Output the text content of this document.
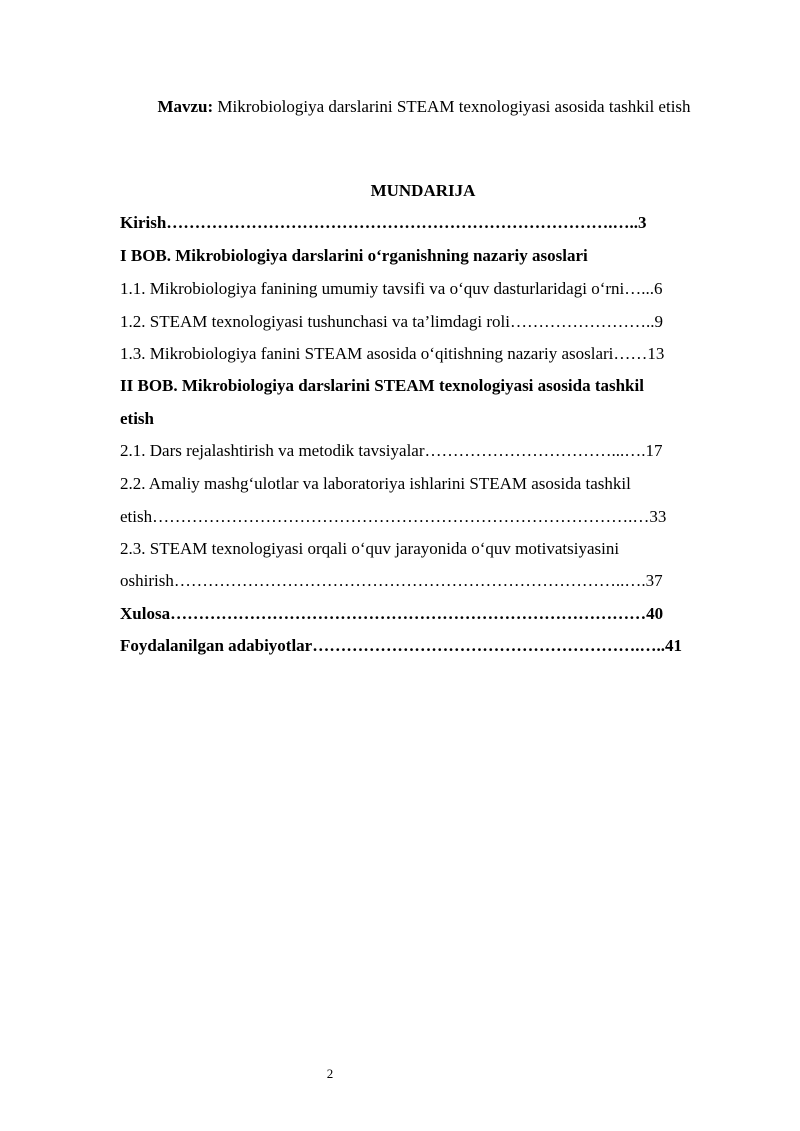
Mavzu: Mikrobiologiya darslarini STEAM texnologiyasi asosida tashkil etish
MUNDARIJA
Kirish…………………………………………………………………….…..3
I BOB. Mikrobiologiya darslarini o‘rganishning nazariy asoslari
1.1. Mikrobiologiya fanining umumiy tavsifi va o‘quv dasturlaridagi o‘rni…...6
1.2. STEAM texnologiyasi tushunchasi va ta’limdagi roli……………………..9
1.3. Mikrobiologiya fanini STEAM asosida o‘qitishning nazariy asoslari……13
II BOB. Mikrobiologiya darslarini STEAM texnologiyasi asosida tashkil
etish
2.1. Dars rejalashtirish va metodik tavsiyalar……………………………...….17
2.2. Amaliy mashg‘ulotlar va laboratoriya ishlarini STEAM asosida tashkil
etish………………………………………………………………………….…33
2.3. STEAM texnologiyasi orqali o‘quv jarayonida o‘quv motivatsiyasini
oshirish……………………………………………………………………..….37
Xulosa…………………………………………………………………………40
Foydalanilgan adabiyotlar………………………………………………….…..41
2
